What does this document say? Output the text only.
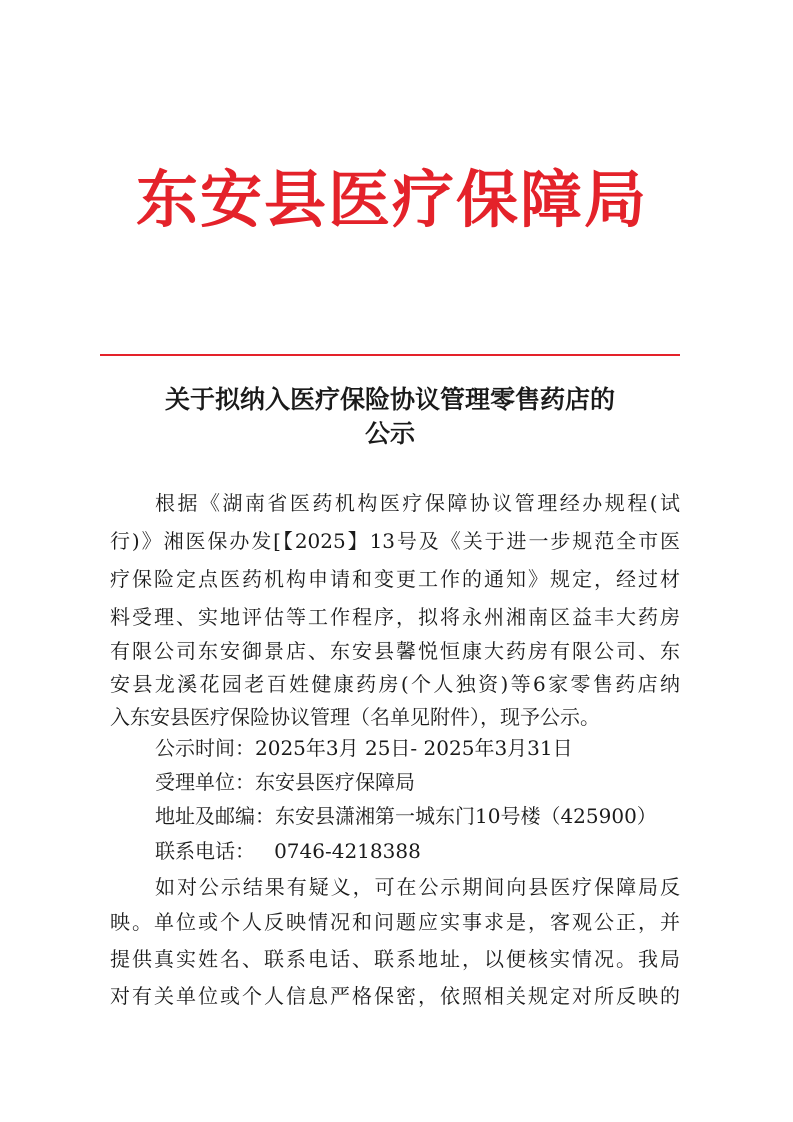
东安县医疗保障局
关于拟纳入医疗保险协议管理零售药店的
公示
根据《湖南省医药机构医疗保障协议管理经办规程(试
行)》湘医保办发[【2025】13号及《关于进一步规范全市医
疗保险定点医药机构申请和变更工作的通知》规定，经过材
料受理、实地评估等工作程序，拟将永州湘南区益丰大药房
有限公司东安御景店、东安县馨悦恒康大药房有限公司、东
安县龙溪花园老百姓健康药房(个人独资)等6家零售药店纳
入东安县医疗保险协议管理（名单见附件），现予公示。
公示时间：2025年3月 25日- 2025年3月31日
受理单位：东安县医疗保障局
地址及邮编：东安县潇湘第一城东门10号楼（425900）
联系电话：   0746-4218388
如对公示结果有疑义，可在公示期间向县医疗保障局反
映。单位或个人反映情况和问题应实事求是，客观公正，并
提供真实姓名、联系电话、联系地址，以便核实情况。我局
对有关单位或个人信息严格保密，依照相关规定对所反映的
